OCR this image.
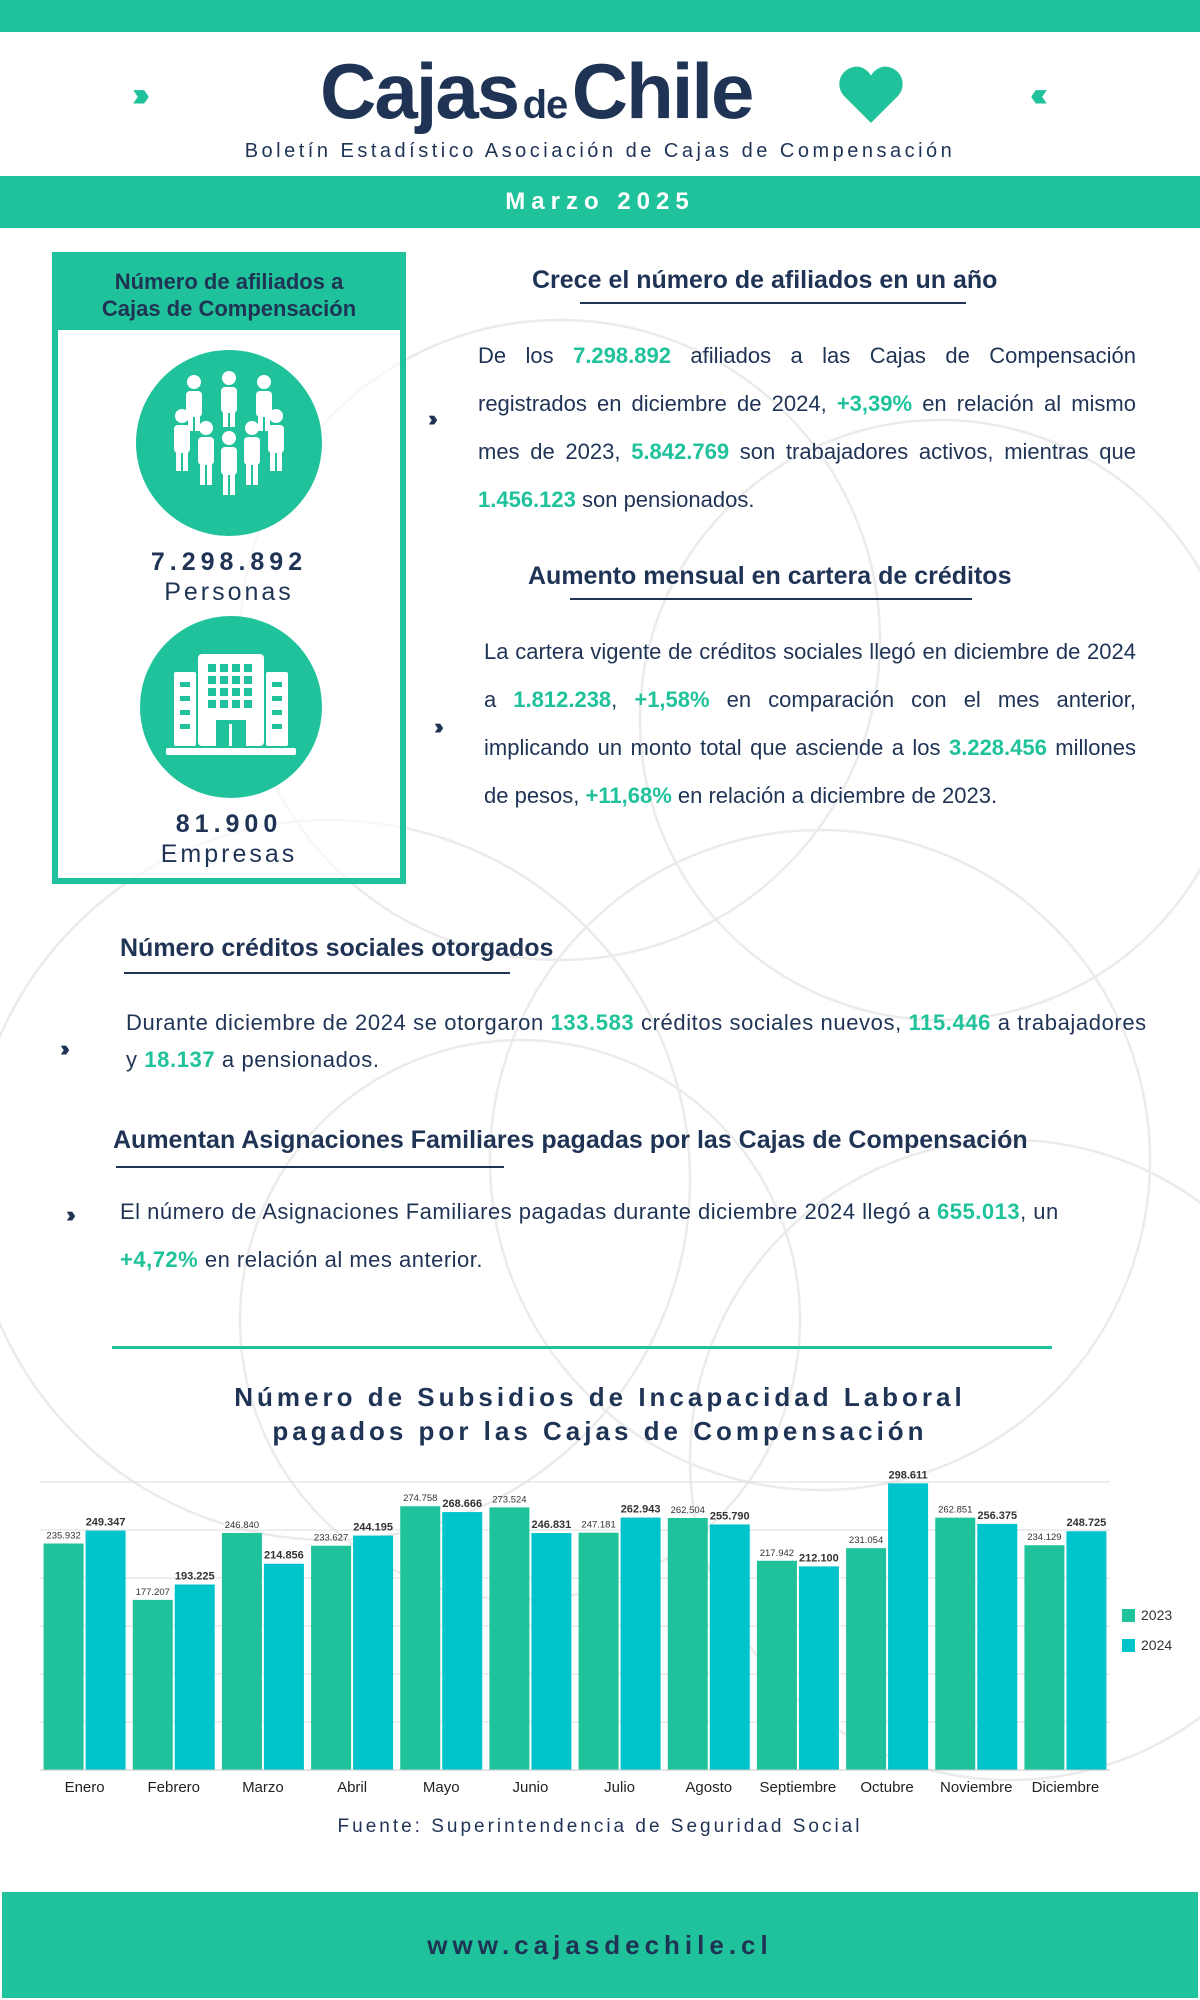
›››	‹‹‹
Cajas de Chile
Boletín Estadístico Asociación de Cajas de Compensación
Marzo 2025
Número de afiliados a
Cajas de Compensación
7.298.892
Personas
81.900
Empresas
Crece el número de afiliados en un año
›››
De los 7.298.892 afiliados a las Cajas de Compensación registrados en diciembre de 2024, +3,39% en relación al mismo mes de 2023, 5.842.769 son trabajadores activos, mientras que 1.456.123 son pensionados.
Aumento mensual en cartera de créditos
›››
La cartera vigente de créditos sociales llegó en diciembre de 2024 a 1.812.238, +1,58% en comparación con el mes anterior, implicando un monto total que asciende a los 3.228.456 millones de pesos, +11,68% en relación a diciembre de 2023.
Número créditos sociales otorgados
›››
Durante diciembre de 2024 se otorgaron 133.583 créditos sociales nuevos, 115.446 a trabajadores y 18.137 a pensionados.
Aumentan Asignaciones Familiares pagadas por las Cajas de Compensación
››› El número de Asignaciones Familiares pagadas durante diciembre 2024 llegó a 655.013, un +4,72% en relación al mes anterior.
Número de Subsidios de Incapacidad Laboral
pagados por las Cajas de Compensación
235.932
249.347
Enero
177.207
193.225
Febrero
246.840
214.856
Marzo
233.627
244.195
Abril
274.758 268.666
Mayo
273.524
246.831
Junio
247.181
262.943
Julio
262.504 255.790
Agosto
217.942 212.100
Septiembre
231.054
298.611
Octubre
262.851 256.375
Noviembre
234.129
248.725
Diciembre
2023
2024
Fuente: Superintendencia de Seguridad Social
www.cajasdechile.cl
